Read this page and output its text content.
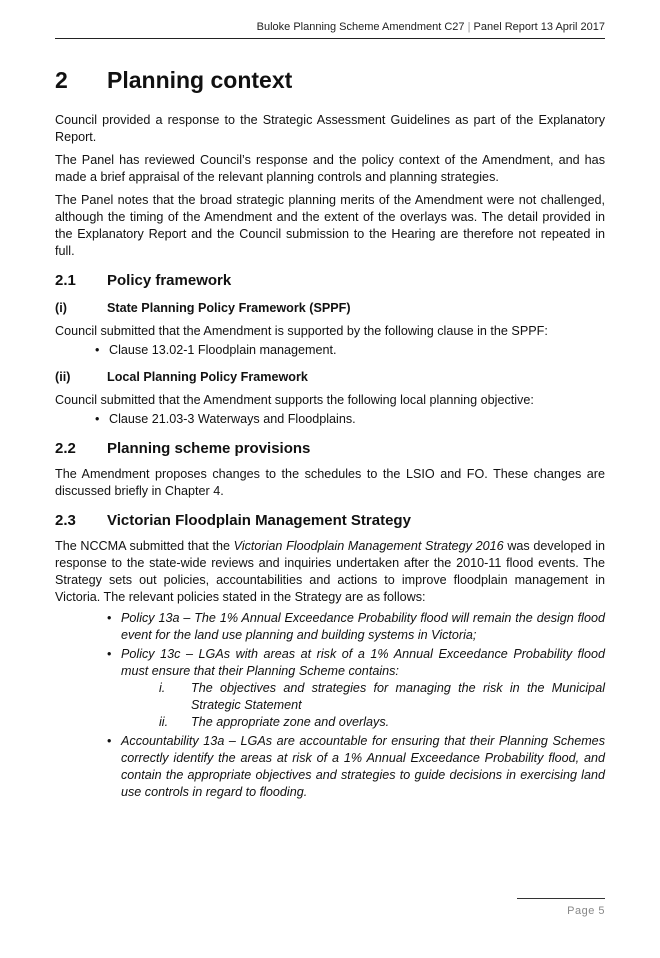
Buloke Planning Scheme Amendment C27 | Panel Report 13 April 2017
2	Planning context

Council provided a response to the Strategic Assessment Guidelines as part of the Explanatory Report.

The Panel has reviewed Council’s response and the policy context of the Amendment, and has made a brief appraisal of the relevant planning controls and planning strategies.

The Panel notes that the broad strategic planning merits of the Amendment were not challenged, although the timing of the Amendment and the extent of the overlays was. The detail provided in the Explanatory Report and the Council submission to the Hearing are therefore not repeated in full.

2.1	Policy framework
(i)	State Planning Policy Framework (SPPF)

Council submitted that the Amendment is supported by the following clause in the SPPF:

• Clause 13.02-1 Floodplain management.
(ii)	Local Planning Policy Framework

Council submitted that the Amendment supports the following local planning objective:

• Clause 21.03-3 Waterways and Floodplains.
2.2	Planning scheme provisions

The Amendment proposes changes to the schedules to the LSIO and FO. These changes are discussed briefly in Chapter 4.

2.3	Victorian Floodplain Management Strategy

The NCCMA submitted that the Victorian Floodplain Management Strategy 2016 was developed in response to the state-wide reviews and inquiries undertaken after the 2010-11 flood events. The Strategy sets out policies, accountabilities and actions to improve floodplain management in Victoria. The relevant policies stated in the Strategy are as follows:

• Policy 13a – The 1% Annual Exceedance Probability flood will remain the design flood event for the land use planning and building systems in Victoria;
• Policy 13c – LGAs with areas at risk of a 1% Annual Exceedance Probability flood must ensure that their Planning Scheme contains:
i.	The objectives and strategies for managing the risk in the Municipal Strategic Statement
ii.	The appropriate zone and overlays.
• Accountability 13a – LGAs are accountable for ensuring that their Planning Schemes correctly identify the areas at risk of a 1% Annual Exceedance Probability flood, and contain the appropriate objectives and strategies to guide decisions in exercising land use controls in regard to flooding.
Page 5
